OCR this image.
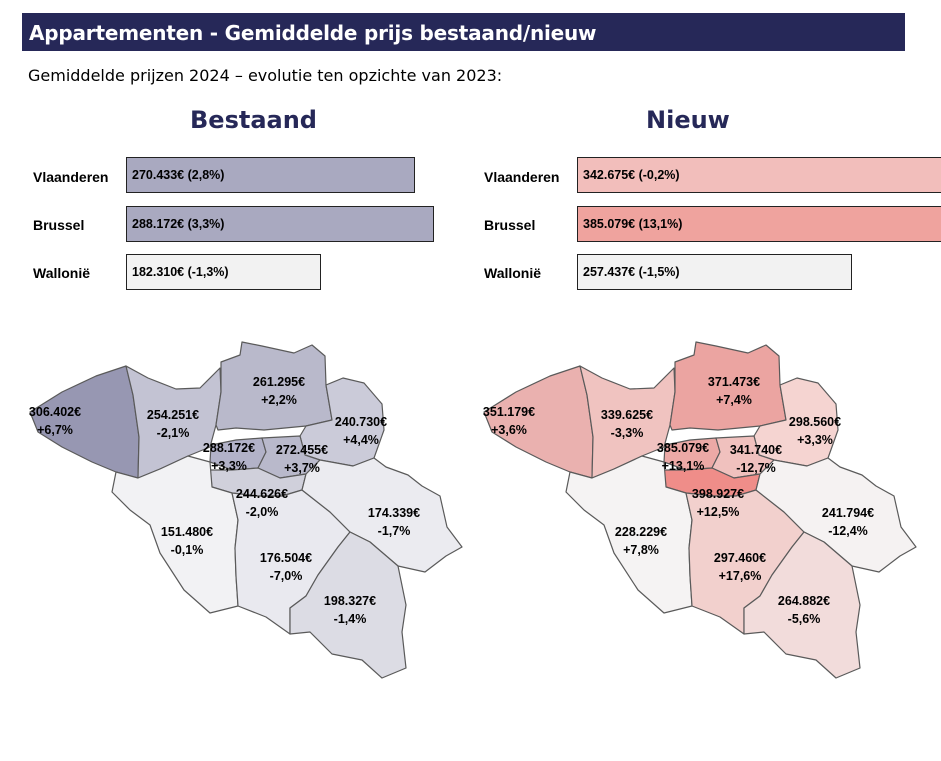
Appartementen - Gemiddelde prijs bestaand/nieuw
Gemiddelde prijzen 2024 – evolutie ten opzichte van 2023:
Bestaand
Vlaanderen
Brussel
Wallonië
270.433€ (2,8%)
288.172€ (3,3%)
182.310€ (-1,3%)
Nieuw
Vlaanderen
Brussel
Wallonië
342.675€ (-0,2%)
385.079€ (13,1%)
257.437€ (-1,5%)
306.402€
+6,7%
254.251€
-2,1%
261.295€
+2,2%
240.730€
+4,4%
288.172€
+3,3%
272.455€
+3,7%
244.626€
-2,0%
151.480€
-0,1%
176.504€
-7,0%
174.339€
-1,7%
198.327€
-1,4%
351.179€
+3,6%
339.625€
-3,3%
371.473€
+7,4%
298.560€
+3,3%
385.079€
+13,1%
341.740€
-12,7%
398.927€
+12,5%
228.229€
+7,8%
297.460€
+17,6%
241.794€
-12,4%
264.882€
-5,6%
